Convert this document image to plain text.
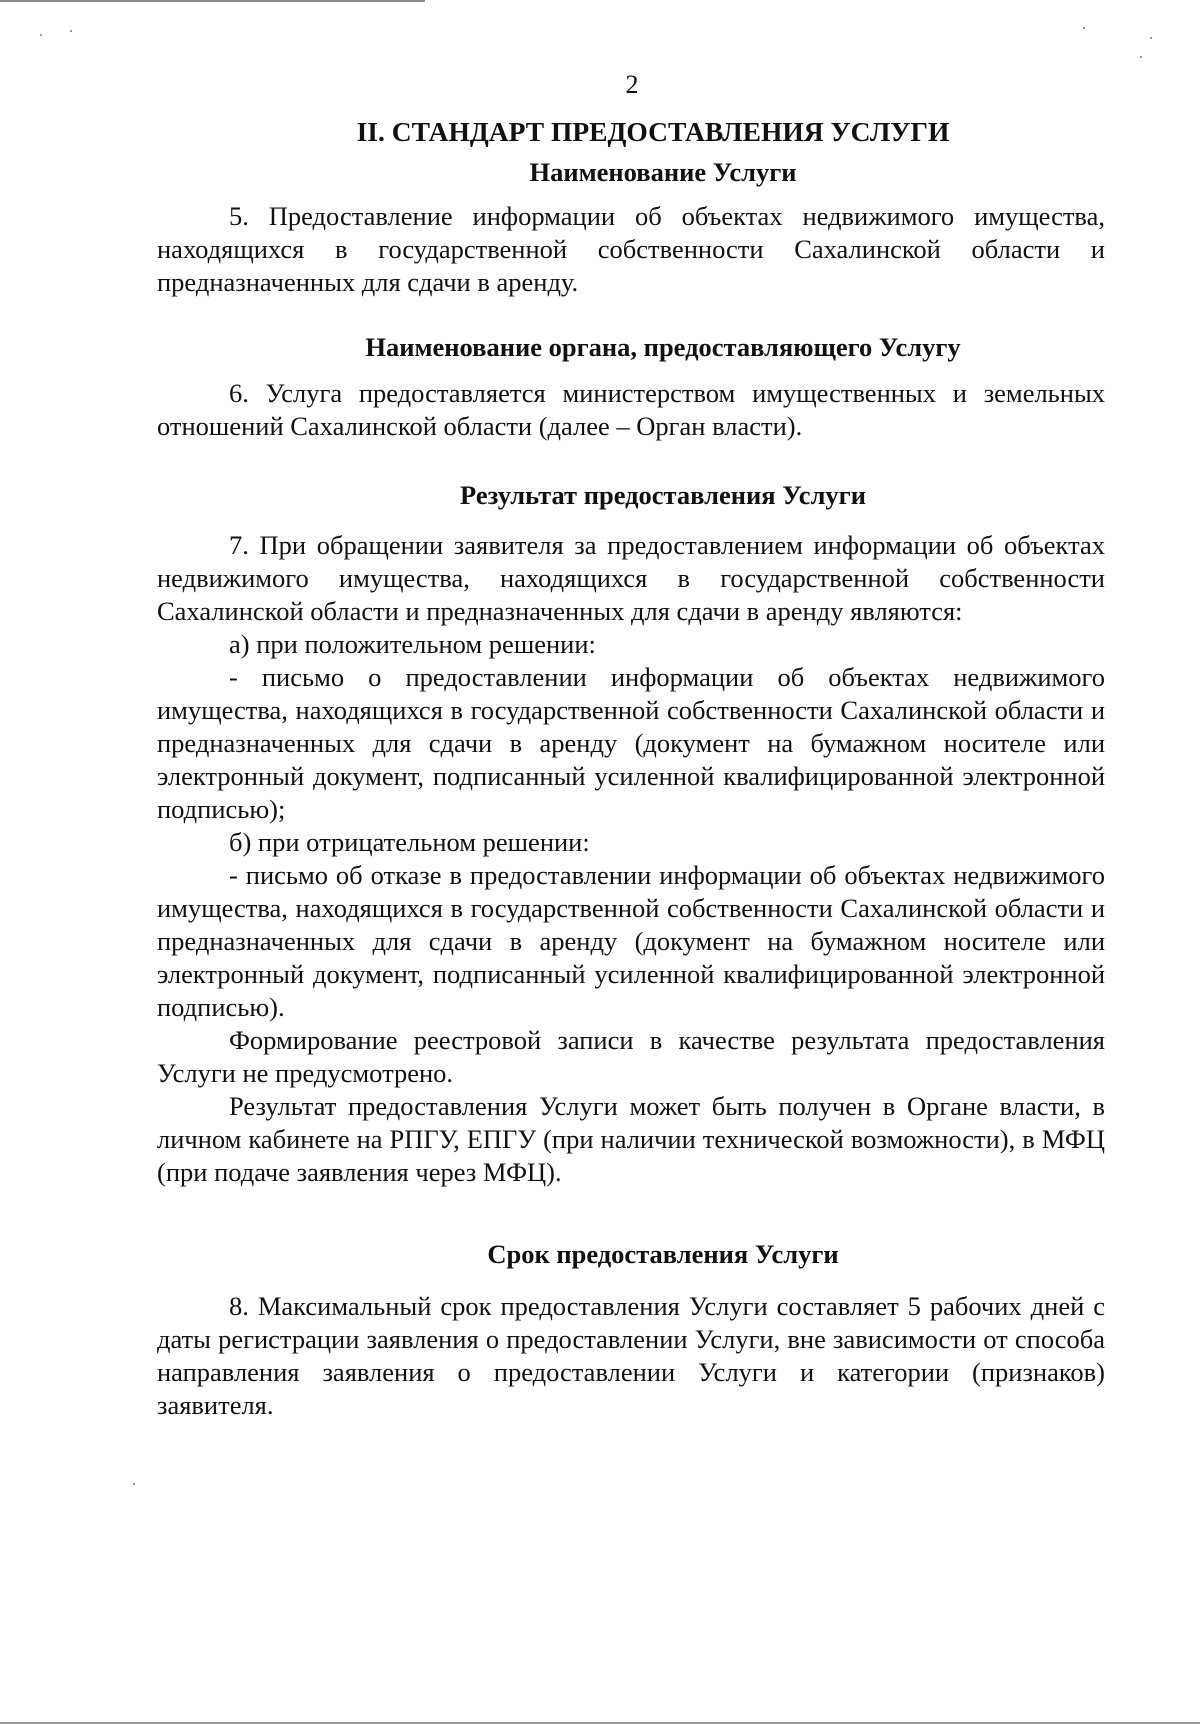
2
II. СТАНДАРТ ПРЕДОСТАВЛЕНИЯ УСЛУГИ
Наименование Услуги

5. Предоставление информации об объектах недвижимого имущества, находящихся в государственной собственности Сахалинской области и предназначенных для сдачи в аренду.

Наименование органа, предоставляющего Услугу

6. Услуга предоставляется министерством имущественных и земельных отношений Сахалинской области (далее – Орган власти).

Результат предоставления Услуги

7. При обращении заявителя за предоставлением информации об объектах недвижимого имущества, находящихся в государственной собственности Сахалинской области и предназначенных для сдачи в аренду являются:

а) при положительном решении:

- письмо о предоставлении информации об объектах недвижимого имущества, находящихся в государственной собственности Сахалинской области и предназначенных для сдачи в аренду (документ на бумажном носителе или электронный документ, подписанный усиленной квалифицированной электронной подписью);

б) при отрицательном решении:

- письмо об отказе в предоставлении информации об объектах недвижимого имущества, находящихся в государственной собственности Сахалинской области и предназначенных для сдачи в аренду (документ на бумажном носителе или электронный документ, подписанный усиленной квалифицированной электронной подписью).

Формирование реестровой записи в качестве результата предоставления Услуги не предусмотрено.

Результат предоставления Услуги может быть получен в Органе власти, в личном кабинете на РПГУ, ЕПГУ (при наличии технической возможности), в МФЦ (при подаче заявления через МФЦ).

Срок предоставления Услуги

8. Максимальный срок предоставления Услуги составляет 5 рабочих дней с даты регистрации заявления о предоставлении Услуги, вне зависимости от способа направления заявления о предоставлении Услуги и категории (признаков) заявителя.
